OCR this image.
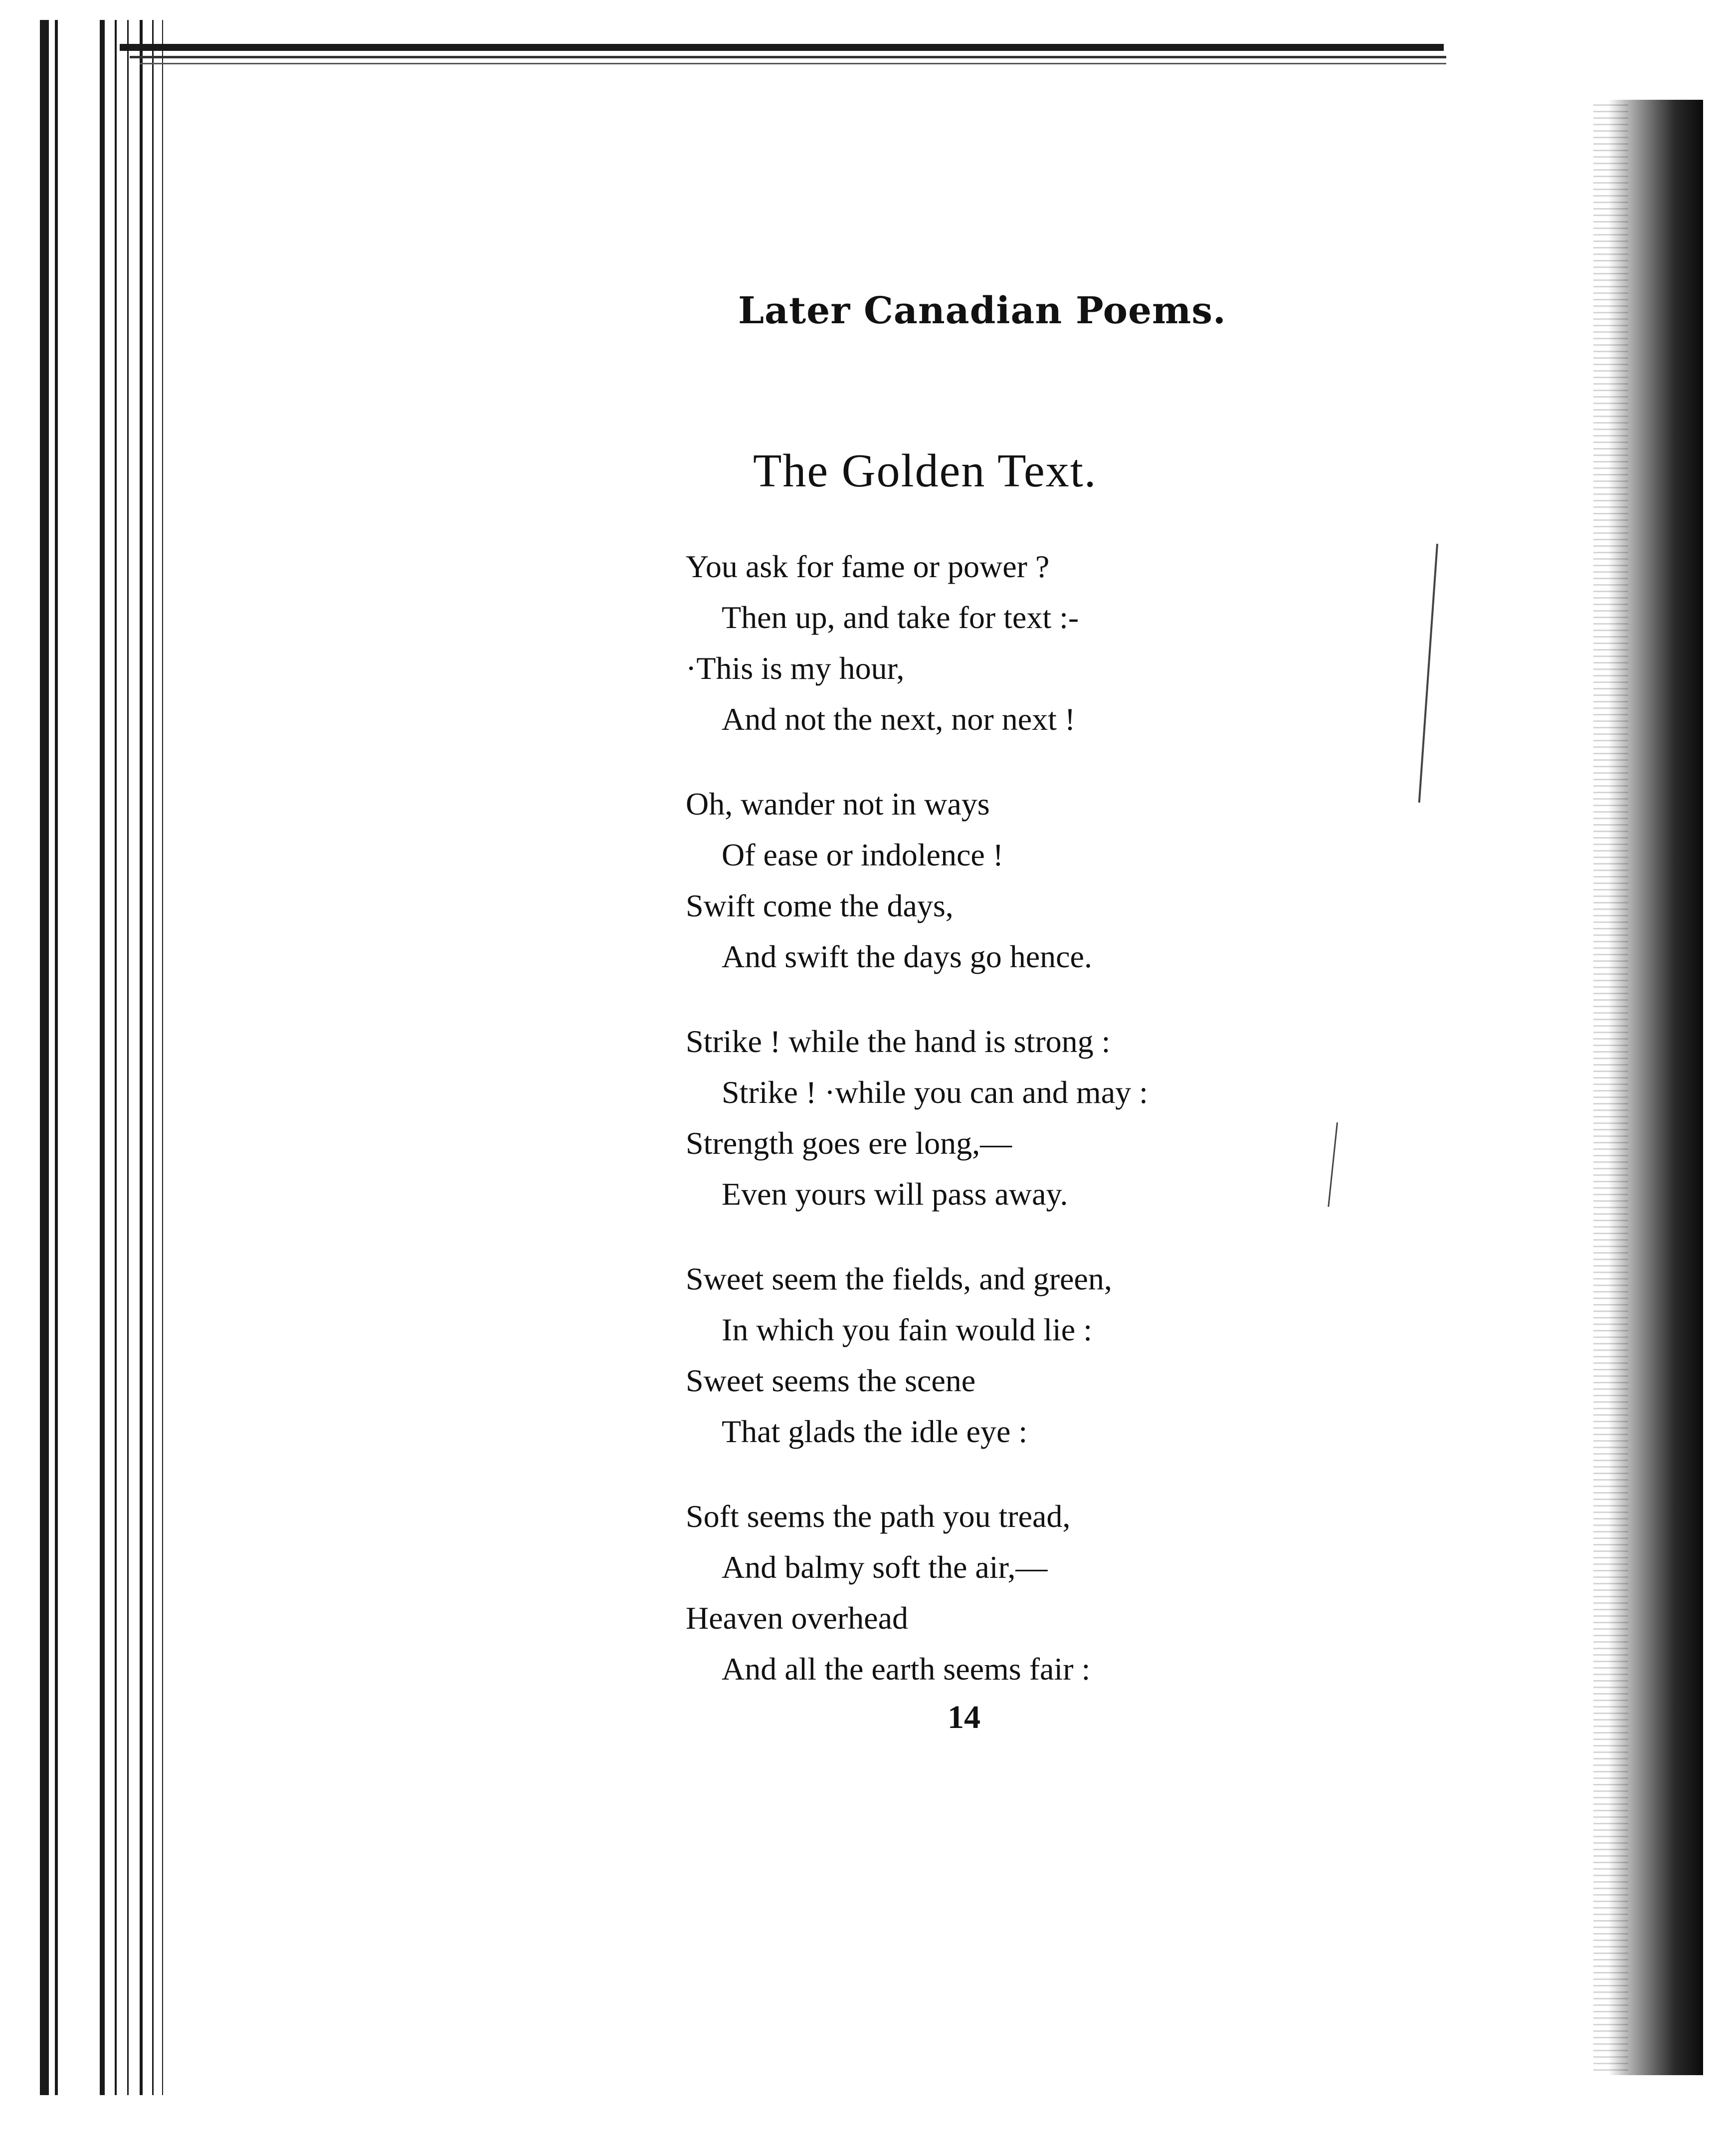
Later Canadian Poems.
The Golden Text.
You ask for fame or power ?
Then up, and take for text :-
·This is my hour,
And not the next, nor next !
Oh, wander not in ways
Of ease or indolence !
Swift come the days,
And swift the days go hence.
Strike ! while the hand is strong :
Strike ! ·while you can and may :
Strength goes ere long,—
Even yours will pass away.
Sweet seem the fields, and green,
In which you fain would lie :
Sweet seems the scene
That glads the idle eye :
Soft seems the path you tread,
And balmy soft the air,—
Heaven overhead
And all the earth seems fair :
14
